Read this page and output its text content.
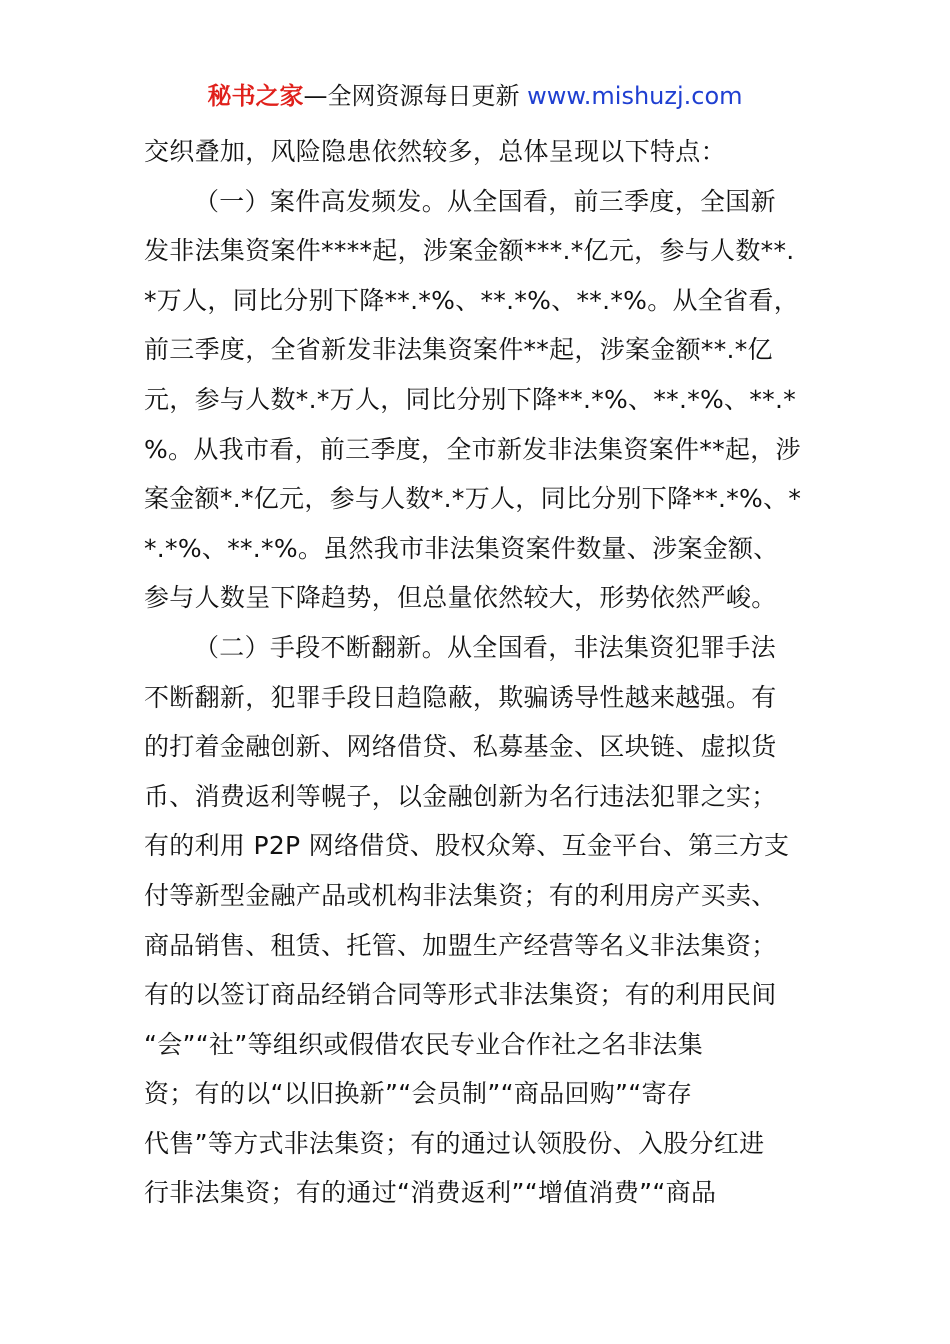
秘书之家—全网资源每日更新 www.mishuzj.com
交织叠加，风险隐患依然较多，总体呈现以下特点：
（一）案件高发频发。从全国看，前三季度，全国新
发非法集资案件****起，涉案金额***.*亿元，参与人数**.
*万人，同比分别下降**.*%、**.*%、**.*%。从全省看，
前三季度，全省新发非法集资案件**起，涉案金额**.*亿
元，参与人数*.*万人，同比分别下降**.*%、**.*%、**.*
%。从我市看，前三季度，全市新发非法集资案件**起，涉
案金额*.*亿元，参与人数*.*万人，同比分别下降**.*%、*
*.*%、**.*%。虽然我市非法集资案件数量、涉案金额、
参与人数呈下降趋势，但总量依然较大，形势依然严峻。
（二）手段不断翻新。从全国看，非法集资犯罪手法
不断翻新，犯罪手段日趋隐蔽，欺骗诱导性越来越强。有
的打着金融创新、网络借贷、私募基金、区块链、虚拟货
币、消费返利等幌子，以金融创新为名行违法犯罪之实；
有的利用 P2P 网络借贷、股权众筹、互金平台、第三方支
付等新型金融产品或机构非法集资；有的利用房产买卖、
商品销售、租赁、托管、加盟生产经营等名义非法集资；
有的以签订商品经销合同等形式非法集资；有的利用民间
“会”“社”等组织或假借农民专业合作社之名非法集
资；有的以“以旧换新”“会员制”“商品回购”“寄存
代售”等方式非法集资；有的通过认领股份、入股分红进
行非法集资；有的通过“消费返利”“增值消费”“商品
